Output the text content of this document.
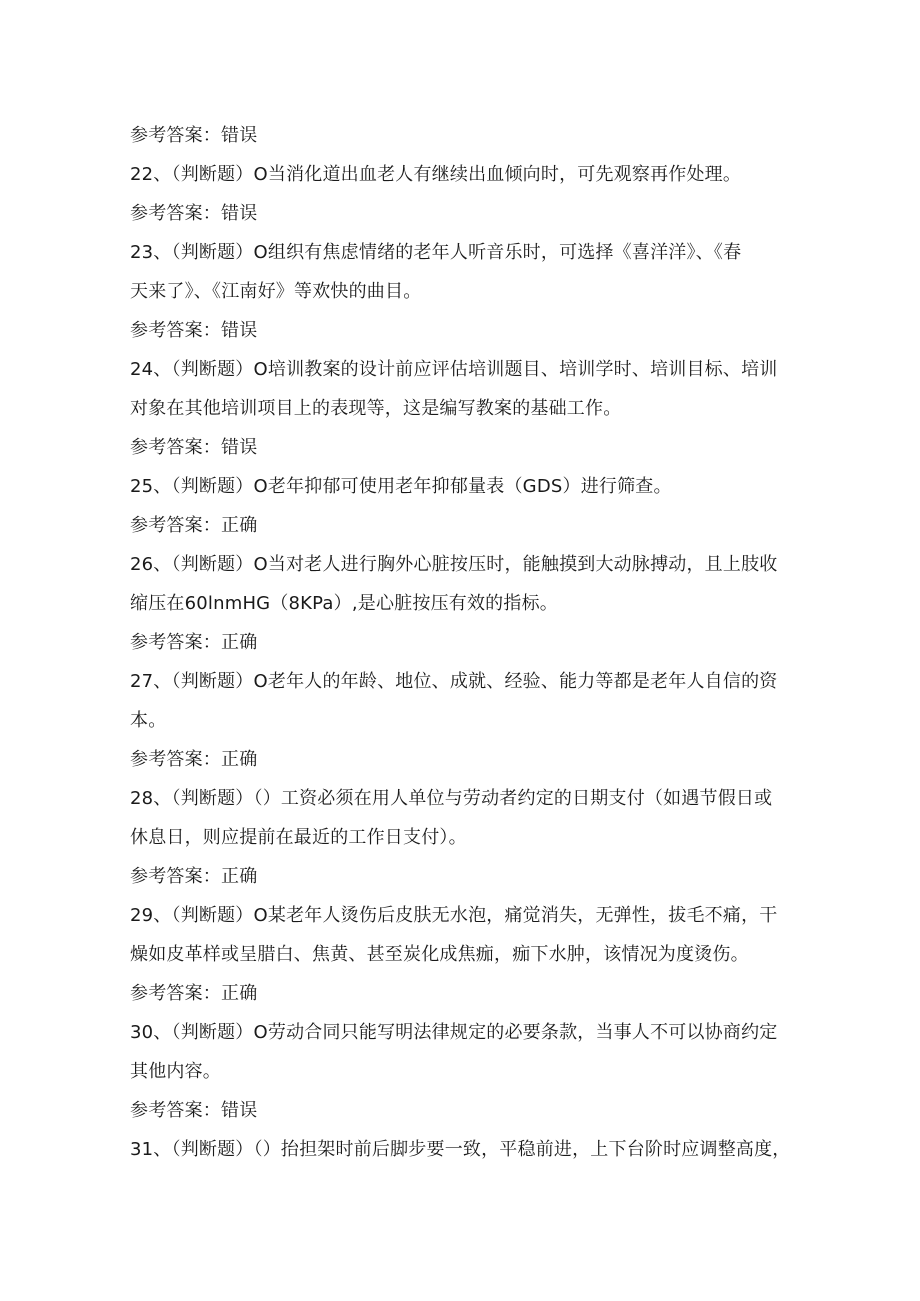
参考答案：错误
22、（判断题）O当消化道出血老人有继续出血倾向时，可先观察再作处理。
参考答案：错误
23、（判断题）O组织有焦虑情绪的老年人听音乐时，可选择《喜洋洋》、《春
天来了》、《江南好》等欢快的曲目。
参考答案：错误
24、（判断题）O培训教案的设计前应评估培训题目、培训学时、培训目标、培训
对象在其他培训项目上的表现等，这是编写教案的基础工作。
参考答案：错误
25、（判断题）O老年抑郁可使用老年抑郁量表（GDS）进行筛查。
参考答案：正确
26、（判断题）O当对老人进行胸外心脏按压时，能触摸到大动脉搏动，且上肢收
缩压在60lnmHG（8KPa）,是心脏按压有效的指标。
参考答案：正确
27、（判断题）O老年人的年龄、地位、成就、经验、能力等都是老年人自信的资
本。
参考答案：正确
28、（判断题）（）工资必须在用人单位与劳动者约定的日期支付（如遇节假日或
休息日，则应提前在最近的工作日支付）。
参考答案：正确
29、（判断题）O某老年人烫伤后皮肤无水泡，痛觉消失，无弹性，拔毛不痛，干
燥如皮革样或呈腊白、焦黄、甚至炭化成焦痂，痂下水肿，该情况为度烫伤。
参考答案：正确
30、（判断题）O劳动合同只能写明法律规定的必要条款，当事人不可以协商约定
其他内容。
参考答案：错误
31、（判断题）（）抬担架时前后脚步要一致，平稳前进，上下台阶时应调整高度，
